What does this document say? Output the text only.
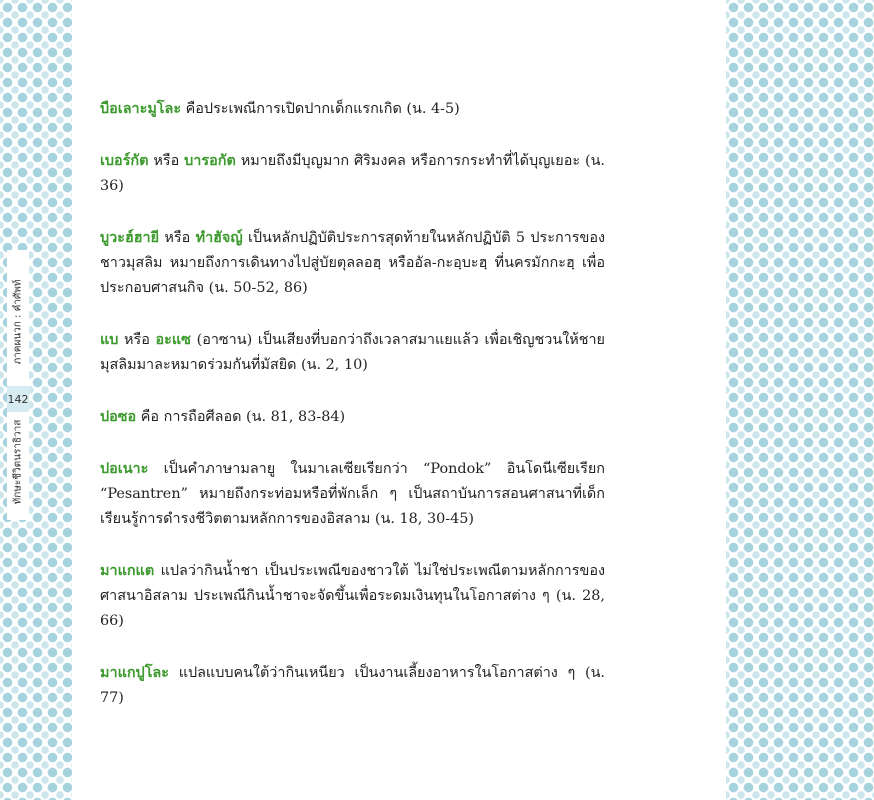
ภาคผนวก : คำศัพท์
142
ทักษะชีวิตนราธิวาส

บือเลาะมูโละ คือประเพณีการเปิดปากเด็กแรกเกิด (น. 4-5)

เบอร์กัต หรือ บารอกัต หมายถึงมีบุญมาก ศิริมงคล หรือการกระทำที่ได้บุญเยอะ (น. 36)

บูวะฮ์ฮายี หรือ ทำฮัจญ์ เป็นหลักปฏิบัติประการสุดท้ายในหลักปฏิบัติ 5 ประการของชาวมุสลิม หมายถึงการเดินทางไปสู่บัยตุลลอฮฺ หรืออัล-กะอฺบะฮฺ ที่นครมักกะฮฺ เพื่อประกอบศาสนกิจ (น. 50-52, 86)

แบ หรือ อะแซ (อาซาน) เป็นเสียงที่บอกว่าถึงเวลาสมาแยแล้ว เพื่อเชิญชวนให้ชายมุสลิมมาละหมาดร่วมกันที่มัสยิด (น. 2, 10)

ปอซอ คือ การถือศีลอด (น. 81, 83-84)

ปอเนาะ เป็นคำภาษามลายู ในมาเลเซียเรียกว่า “Pondok” อินโดนีเซียเรียก “Pesantren” หมายถึงกระท่อมหรือที่พักเล็ก ๆ เป็นสถาบันการสอนศาสนาที่เด็กเรียนรู้การดำรงชีวิตตามหลักการของอิสลาม (น. 18, 30-45)

มาแกแต แปลว่ากินน้ำชา เป็นประเพณีของชาวใต้ ไม่ใช่ประเพณีตามหลักการของศาสนาอิสลาม ประเพณีกินน้ำชาจะจัดขึ้นเพื่อระดมเงินทุนในโอกาสต่าง ๆ (น. 28, 66)

มาแกปูโละ แปลแบบคนใต้ว่ากินเหนียว เป็นงานเลี้ยงอาหารในโอกาสต่าง ๆ (น. 77)
